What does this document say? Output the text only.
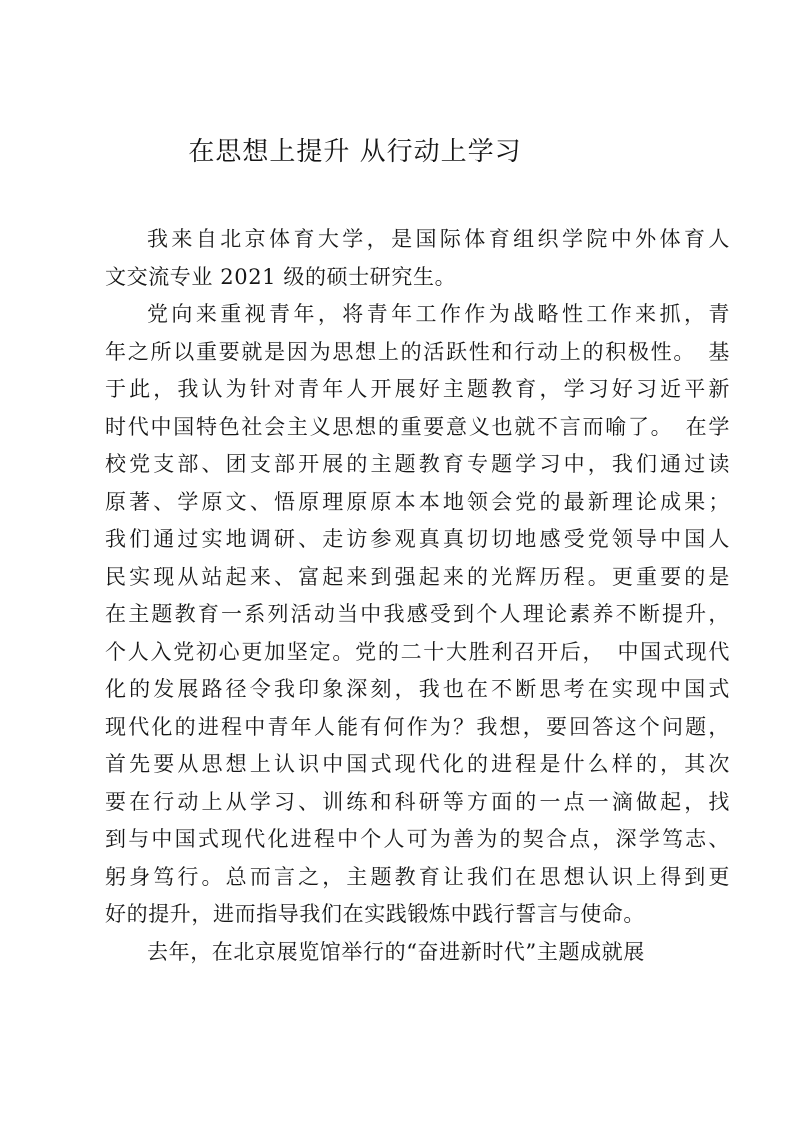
在思想上提升 从行动上学习
我来自北京体育大学，是国际体育组织学院中外体育人
文交流专业 2021 级的硕士研究生。
党向来重视青年，将青年工作作为战略性工作来抓，青
年之所以重要就是因为思想上的活跃性和行动上的积极性。　基
于此，我认为针对青年人开展好主题教育，学习好习近平新
时代中国特色社会主义思想的重要意义也就不言而喻了。　在学
校党支部、团支部开展的主题教育专题学习中，我们通过读
原著、学原文、悟原理原原本本地领会党的最新理论成果；
我们通过实地调研、走访参观真真切切地感受党领导中国人
民实现从站起来、富起来到强起来的光辉历程。更重要的是
在主题教育一系列活动当中我感受到个人理论素养不断提升，
个人入党初心更加坚定。党的二十大胜利召开后，　中国式现代
化的发展路径令我印象深刻，我也在不断思考在实现中国式
现代化的进程中青年人能有何作为？我想，要回答这个问题，
首先要从思想上认识中国式现代化的进程是什么样的，其次
要在行动上从学习、训练和科研等方面的一点一滴做起，找
到与中国式现代化进程中个人可为善为的契合点，深学笃志、
躬身笃行。总而言之，主题教育让我们在思想认识上得到更
好的提升，进而指导我们在实践锻炼中践行誓言与使命。
去年，在北京展览馆举行的“奋进新时代”主题成就展
